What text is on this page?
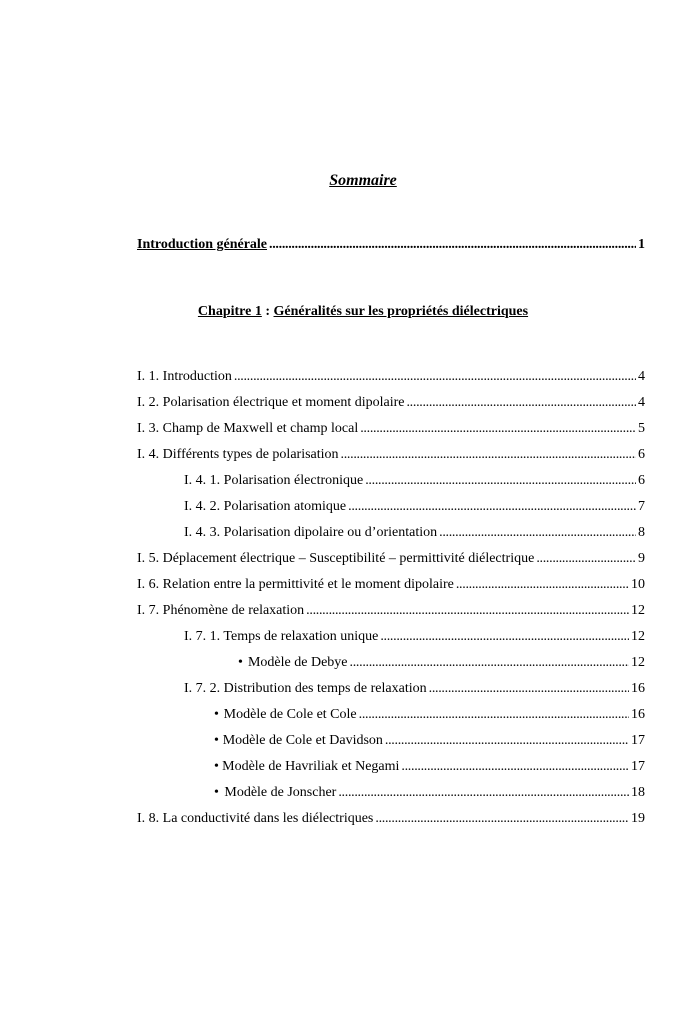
Sommaire
Introduction générale . . .	1
Chapitre 1 : Généralités sur les propriétés diélectriques
I. 1. Introduction . . .	4
I. 2. Polarisation électrique et moment dipolaire . . .	4
I. 3. Champ de Maxwell et champ local . . .	5
I. 4. Différents types de polarisation . . .	6
I. 4. 1. Polarisation électronique . . .	6
I. 4. 2. Polarisation atomique . . .	7
I. 4. 3. Polarisation dipolaire ou d’orientation . . .	8
I. 5. Déplacement électrique – Susceptibilité – permittivité diélectrique . . .	9
I. 6. Relation entre la permittivité et le moment dipolaire . . .	10
I. 7. Phénomène de relaxation . . .	12
I. 7. 1. Temps de relaxation unique . . .	12
• Modèle de Debye . . .	12
I. 7. 2. Distribution des temps de relaxation . . .	16
• Modèle de Cole et Cole . . .	16
• Modèle de Cole et Davidson . . .	17
• Modèle de Havriliak et Negami . . .	17
• Modèle de Jonscher . . .	18
I. 8. La conductivité dans les diélectriques . . .	19
